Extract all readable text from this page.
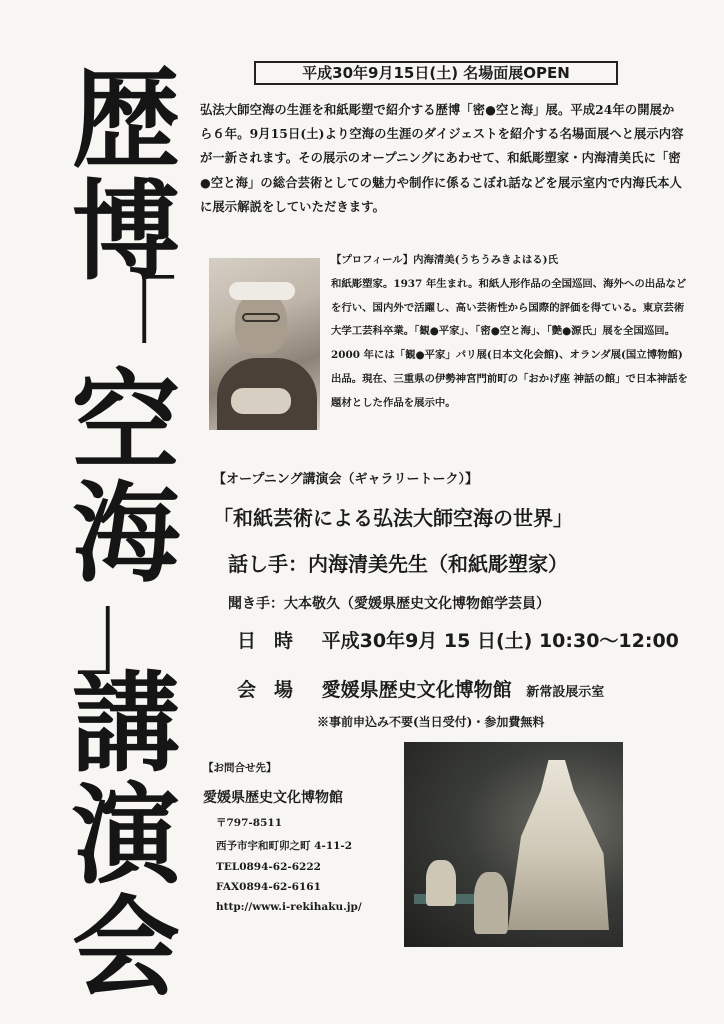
歴
博
「
空
海
」
講
演
会
平成30年9月15日(土) 名場面展OPEN
弘法大師空海の生涯を和紙彫塑で紹介する歴博「密●空と海」展。平成24年の開展から６年。9月15日(土)より空海の生涯のダイジェストを紹介する名場面展へと展示内容が一新されます。その展示のオープニングにあわせて、和紙彫塑家・内海清美氏に「密●空と海」の総合芸術としての魅力や制作に係るこぼれ話などを展示室内で内海氏本人に展示解説をしていただきます。

【プロフィール】内海清美(うちうみきよはる)氏

和紙彫塑家。1937 年生まれ。和紙人形作品の全国巡回、海外への出品などを行い、国内外で活躍し、高い芸術性から国際的評価を得ている。東京芸術大学工芸科卒業。「観●平家」、「密●空と海」、「艶●源氏」展を全国巡回。2000 年には「観●平家」パリ展(日本文化会館)、オランダ展(国立博物館)出品。現在、三重県の伊勢神宮門前町の「おかげ座 神話の館」で日本神話を題材とした作品を展示中。

【オープニング講演会（ギャラリートーク）】
「和紙芸術による弘法大師空海の世界」
話し手：内海清美先生（和紙彫塑家）
聞き手：大本敬久（愛媛県歴史文化博物館学芸員）
日時 平成30年9月 15 日(土) 10:30～12:00
会場 愛媛県歴史文化博物館 新常設展示室
※事前申込み不要(当日受付)・参加費無料
【お問合せ先】
愛媛県歴史文化博物館
〒797-8511
西予市宇和町卯之町 4-11-2
TEL0894-62-6222
FAX0894-62-6161
http://www.i-rekihaku.jp/
